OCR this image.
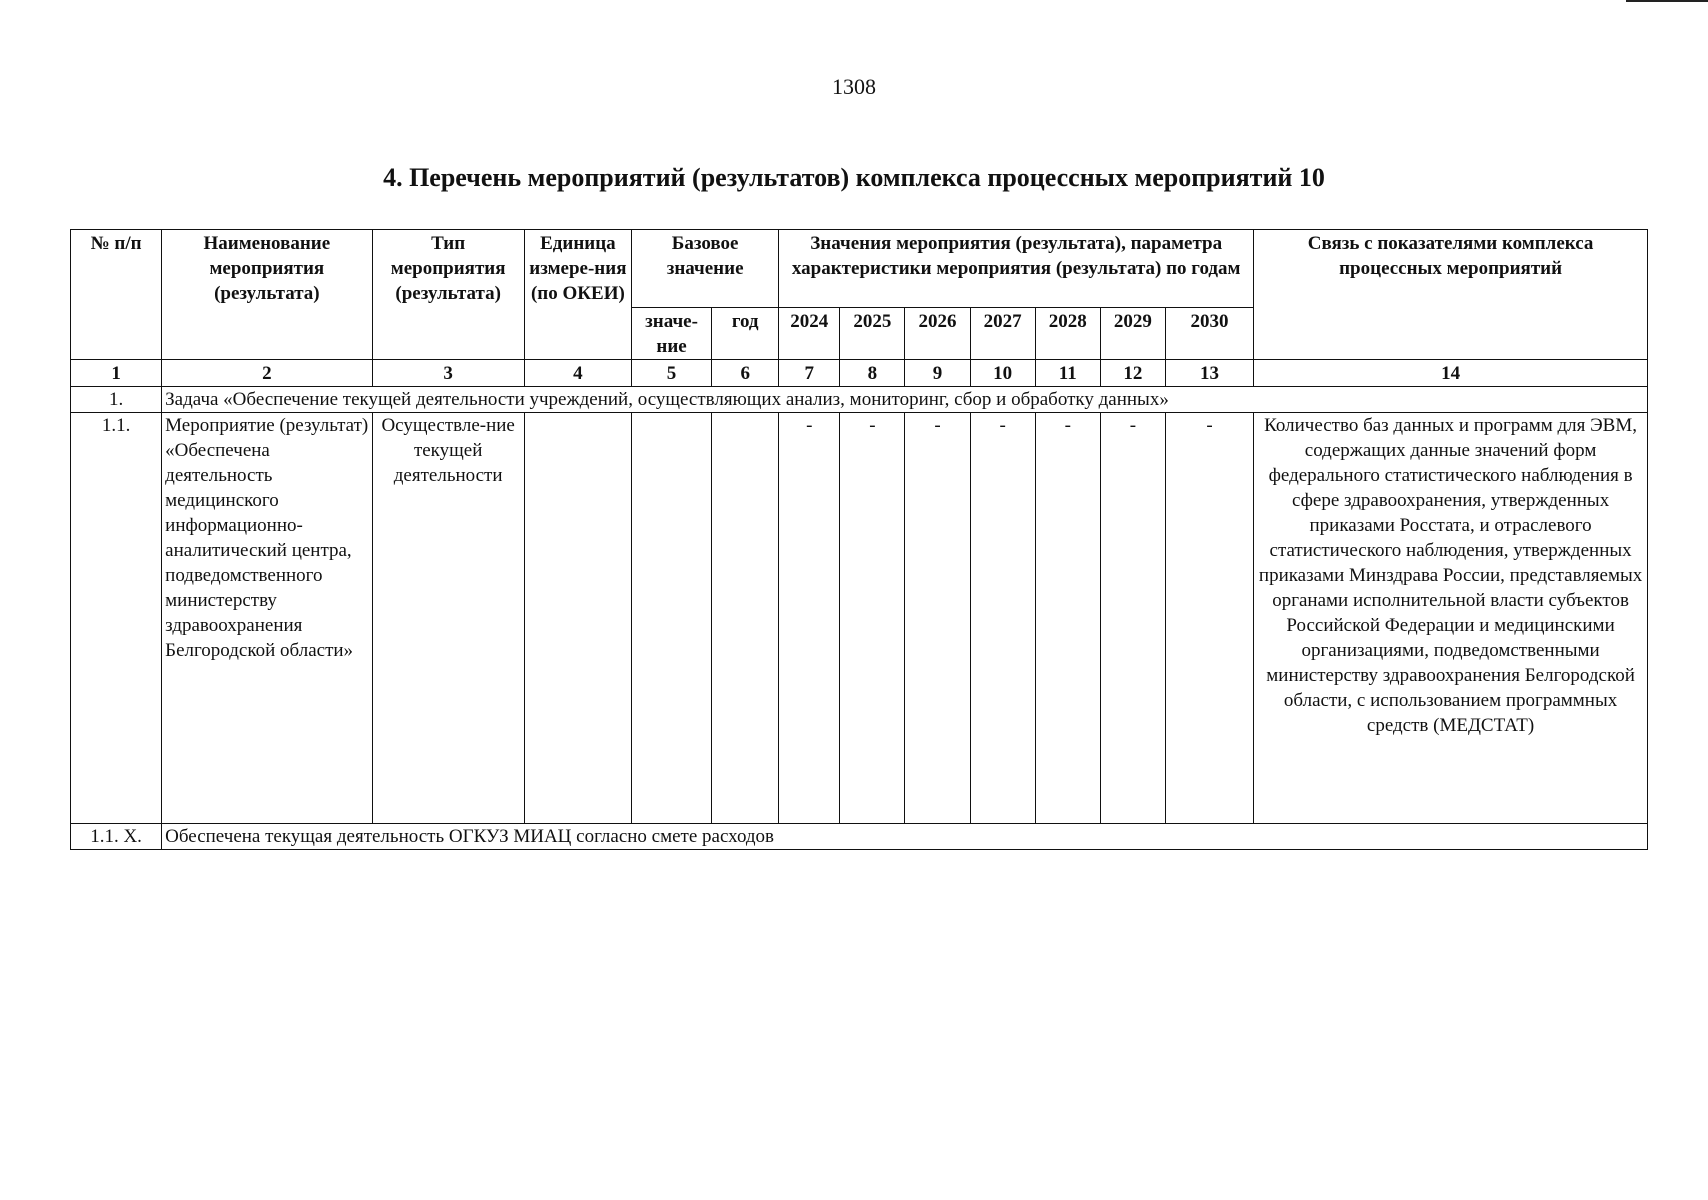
1308
4. Перечень мероприятий (результатов) комплекса процессных мероприятий 10
№ п/п	Наименование мероприятия (результата)	Тип мероприятия (результата)	Единица измере-ния (по ОКЕИ)	Базовое значение		Значения мероприятия (результата), параметра характеристики мероприятия (результата) по годам							Связь с показателями комплекса процессных мероприятий
				значе-ние	год	2024	2025	2026	2027	2028	2029	2030	
1	2	3	4	5	6	7	8	9	10	11	12	13	14
1.	Задача «Обеспечение текущей деятельности учреждений, осуществляющих анализ, мониторинг, сбор и обработку данных»												
1.1.	Мероприятие (результат) «Обеспечена деятельность медицинского информационно-аналитический центра, подведомственного министерству здравоохранения Белгородской области»	Осуществле-ние текущей деятельности				-	-	-	-	-	-	-	Количество баз данных и программ для ЭВМ, содержащих данные значений форм федерального статистического наблюдения в сфере здравоохранения, утвержденных приказами Росстата, и отраслевого статистического наблюдения, утвержденных приказами Минздрава России, представляемых органами исполнительной власти субъектов Российской Федерации и медицинскими организациями, подведомственными министерству здравоохранения Белгородской области, с использованием программных средств (МЕДСТАТ)
1.1. X.	Обеспечена текущая деятельность ОГКУЗ МИАЦ согласно смете расходов												
